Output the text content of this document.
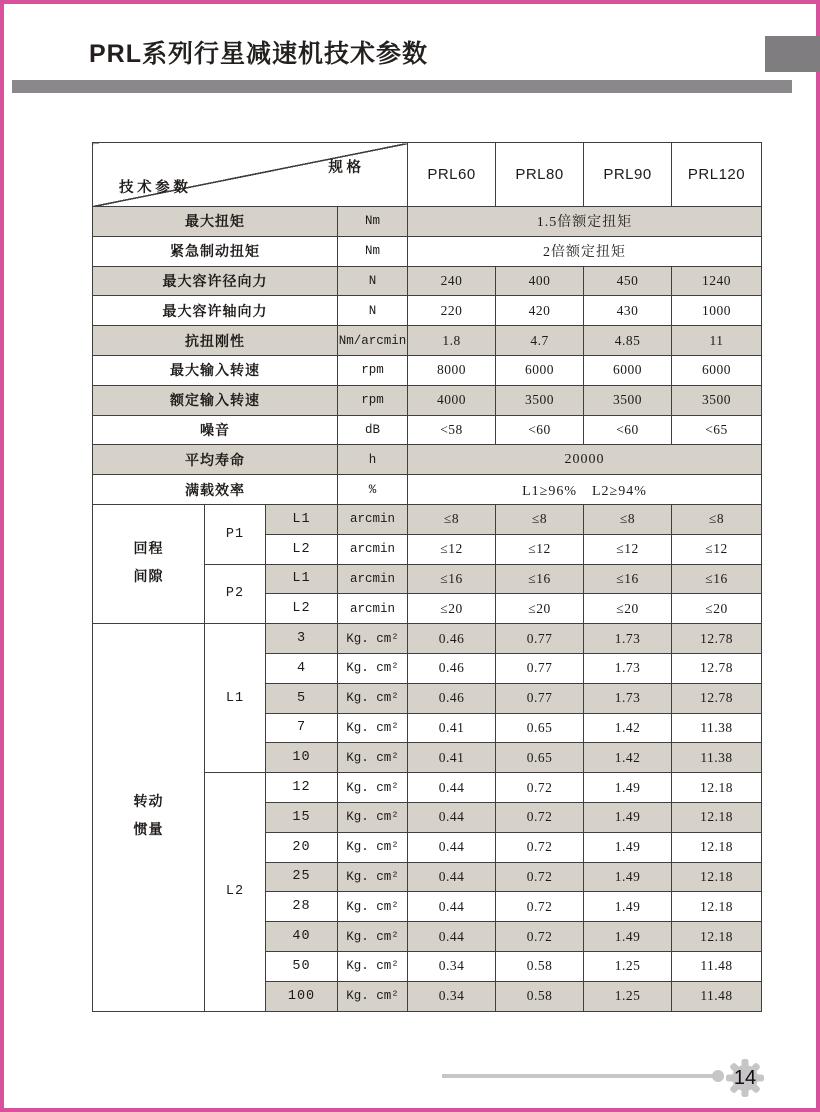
PRL系列行星减速机技术参数
规 格
技 术 参 数				PRL60	PRL80	PRL90	PRL120
最大扭矩			Nm	1.5倍额定扭矩			
紧急制动扭矩			Nm	2倍额定扭矩			
最大容许径向力			N	240	400	450	1240
最大容许轴向力			N	220	420	430	1000
抗扭刚性			Nm/arcmin	1.8	4.7	4.85	11
最大输入转速			rpm	8000	6000	6000	6000
额定输入转速			rpm	4000	3500	3500	3500
噪音			dB	<58	<60	<60	<65
平均寿命			h	20000			
满载效率			%	L1≥96%　L2≥94%			

回程
间隙	P1	L1	arcmin	≤8	≤8	≤8	≤8
		L2	arcmin	≤12	≤12	≤12	≤12
	P2	L1	arcmin	≤16	≤16	≤16	≤16
		L2	arcmin	≤20	≤20	≤20	≤20

转动
惯量	L1	3	Kg. cm²	0.46	0.77	1.73	12.78
		4	Kg. cm²	0.46	0.77	1.73	12.78
		5	Kg. cm²	0.46	0.77	1.73	12.78
		7	Kg. cm²	0.41	0.65	1.42	11.38
		10	Kg. cm²	0.41	0.65	1.42	11.38
	L2	12	Kg. cm²	0.44	0.72	1.49	12.18
		15	Kg. cm²	0.44	0.72	1.49	12.18
		20	Kg. cm²	0.44	0.72	1.49	12.18
		25	Kg. cm²	0.44	0.72	1.49	12.18
		28	Kg. cm²	0.44	0.72	1.49	12.18
		40	Kg. cm²	0.44	0.72	1.49	12.18
		50	Kg. cm²	0.34	0.58	1.25	11.48
		100	Kg. cm²	0.34	0.58	1.25	11.48
14
